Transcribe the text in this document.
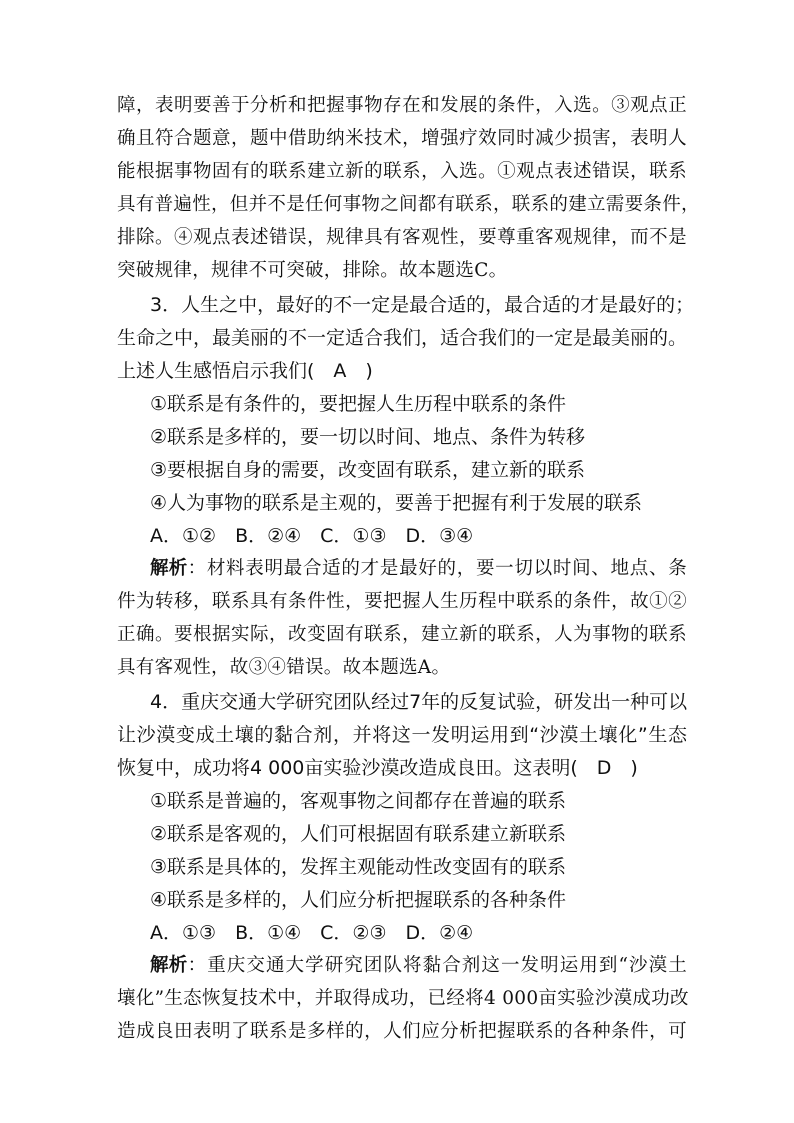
障，表明要善于分析和把握事物存在和发展的条件，入选。③观点正
确且符合题意，题中借助纳米技术，增强疗效同时减少损害，表明人
能根据事物固有的联系建立新的联系，入选。①观点表述错误，联系
具有普遍性，但并不是任何事物之间都有联系，联系的建立需要条件，
排除。④观点表述错误，规律具有客观性，要尊重客观规律，而不是
突破规律，规律不可突破，排除。故本题选C。
3．人生之中，最好的不一定是最合适的，最合适的才是最好的；
生命之中，最美丽的不一定适合我们，适合我们的一定是最美丽的。
上述人生感悟启示我们(　A　)
①联系是有条件的，要把握人生历程中联系的条件
②联系是多样的，要一切以时间、地点、条件为转移
③要根据自身的需要，改变固有联系，建立新的联系
④人为事物的联系是主观的，要善于把握有利于发展的联系
A．①②　B．②④　C．①③　D．③④
解析 ：材料表明最合适的才是最好的，要一切以时间、地点、条
件为转移，联系具有条件性，要把握人生历程中联系的条件，故①②
正确。要根据实际，改变固有联系，建立新的联系，人为事物的联系
具有客观性，故③④错误。故本题选A。
4．重庆交通大学研究团队经过7年的反复试验，研发出一种可以
让沙漠变成土壤的黏合剂，并将这一发明运用到“沙漠土壤化”生态
恢复中，成功将4 000亩实验沙漠改造成良田。这表明(　D　)
①联系是普遍的，客观事物之间都存在普遍的联系
②联系是客观的，人们可根据固有联系建立新联系
③联系是具体的，发挥主观能动性改变固有的联系
④联系是多样的，人们应分析把握联系的各种条件
A．①③　B．①④　C．②③　D．②④
解析 ：重庆交通大学研究团队将黏合剂这一发明运用到“沙漠土
壤化”生态恢复技术中，并取得成功，已经将4 000亩实验沙漠成功改
造成良田表明了联系是多样的，人们应分析把握联系的各种条件，可
